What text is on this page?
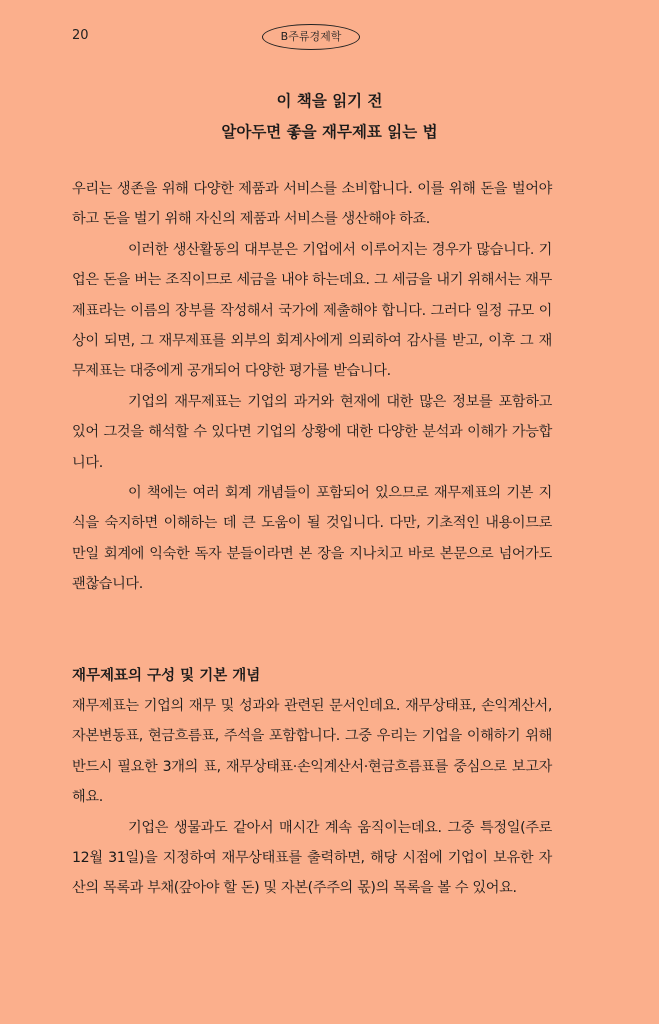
20	B주류경제학
이 책을 읽기 전
알아두면 좋을 재무제표 읽는 법

우리는 생존을 위해 다양한 제품과 서비스를 소비합니다. 이를 위해 돈을 벌어야 하고 돈을 벌기 위해 자신의 제품과 서비스를 생산해야 하죠.

이러한 생산활동의 대부분은 기업에서 이루어지는 경우가 많습니다. 기업은 돈을 버는 조직이므로 세금을 내야 하는데요. 그 세금을 내기 위해서는 재무제표라는 이름의 장부를 작성해서 국가에 제출해야 합니다. 그러다 일정 규모 이상이 되면, 그 재무제표를 외부의 회계사에게 의뢰하여 감사를 받고, 이후 그 재무제표는 대중에게 공개되어 다양한 평가를 받습니다.

기업의 재무제표는 기업의 과거와 현재에 대한 많은 정보를 포함하고 있어 그것을 해석할 수 있다면 기업의 상황에 대한 다양한 분석과 이해가 가능합니다.

이 책에는 여러 회계 개념들이 포함되어 있으므로 재무제표의 기본 지식을 숙지하면 이해하는 데 큰 도움이 될 것입니다. 다만, 기초적인 내용이므로 만일 회계에 익숙한 독자 분들이라면 본 장을 지나치고 바로 본문으로 넘어가도 괜찮습니다.

재무제표의 구성 및 기본 개념

재무제표는 기업의 재무 및 성과와 관련된 문서인데요. 재무상태표, 손익계산서, 자본변동표, 현금흐름표, 주석을 포함합니다. 그중 우리는 기업을 이해하기 위해 반드시 필요한 3개의 표, 재무상태표·손익계산서·현금흐름표를 중심으로 보고자 해요.

기업은 생물과도 같아서 매시간 계속 움직이는데요. 그중 특정일(주로 12월 31일)을 지정하여 재무상태표를 출력하면, 해당 시점에 기업이 보유한 자산의 목록과 부채(갚아야 할 돈) 및 자본(주주의 몫)의 목록을 볼 수 있어요.
